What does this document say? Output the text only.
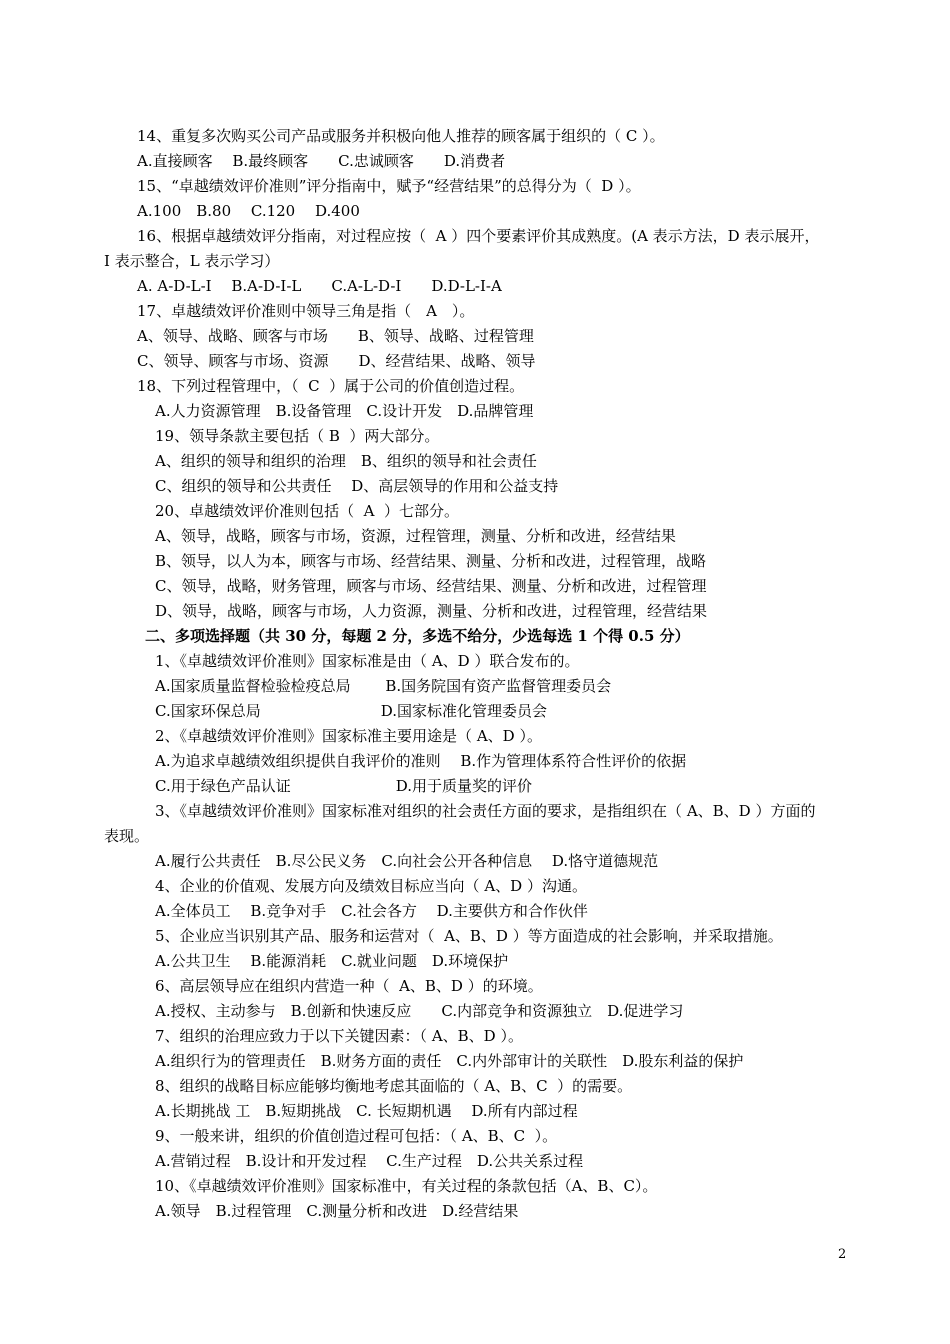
14、重复多次购买公司产品或服务并积极向他人推荐的顾客属于组织的（ C ）。
A.直接顾客　 B.最终顾客　　C.忠诚顾客　　D.消费者
15、“卓越绩效评价准则”评分指南中，赋予“经营结果”的总得分为（  D ）。
A.100　B.80　 C.120　 D.400
16、根据卓越绩效评分指南，对过程应按（  A ）四个要素评价其成熟度。(A 表示方法，D 表示展开，
I 表示整合，L 表示学习）
A. A-D-L-I　 B.A-D-I-L　　C.A-L-D-I　　D.D-L-I-A
17、卓越绩效评价准则中领导三角是指（　A　）。
A、领导、战略、顾客与市场　　B、领导、战略、过程管理
C、领导、顾客与市场、资源　　D、经营结果、战略、领导
18、下列过程管理中，（  C  ）属于公司的价值创造过程。
A.人力资源管理　B.设备管理　C.设计开发　D.品牌管理
19、领导条款主要包括（ B  ）两大部分。
A、组织的领导和组织的治理　B、组织的领导和社会责任
C、组织的领导和公共责任　 D、高层领导的作用和公益支持
20、卓越绩效评价准则包括（  A  ）七部分。
A、领导，战略，顾客与市场，资源，过程管理，测量、分析和改进，经营结果
B、领导，以人为本，顾客与市场、经营结果、测量、分析和改进，过程管理，战略
C、领导，战略，财务管理，顾客与市场、经营结果、测量、分析和改进，过程管理
D、领导，战略，顾客与市场，人力资源，测量、分析和改进，过程管理，经营结果
二、多项选择题（共 30 分，每题 2 分，多选不给分，少选每选 1 个得 0.5 分）
1、《卓越绩效评价准则》国家标准是由（ A、D ）联合发布的。
A.国家质量监督检验检疫总局　　 B.国务院国有资产监督管理委员会
C.国家环保总局　　　　　　　　D.国家标准化管理委员会
2、《卓越绩效评价准则》国家标准主要用途是（ A、D ）。
A.为追求卓越绩效组织提供自我评价的准则　 B.作为管理体系符合性评价的依据
C.用于绿色产品认证　　　　　　　D.用于质量奖的评价
3、《卓越绩效评价准则》国家标准对组织的社会责任方面的要求，是指组织在（ A、B、D ）方面的
表现。
A.履行公共责任　B.尽公民义务　C.向社会公开各种信息　 D.恪守道德规范
4、企业的价值观、发展方向及绩效目标应当向（ A、D ）沟通。
A.全体员工　 B.竞争对手　C.社会各方　 D.主要供方和合作伙伴
5、企业应当识别其产品、服务和运营对（  A、B、D ）等方面造成的社会影响，并采取措施。
A.公共卫生　 B.能源消耗　C.就业问题　D.环境保护
6、高层领导应在组织内营造一种（  A、B、D ）的环境。
A.授权、主动参与　B.创新和快速反应　　C.内部竞争和资源独立　D.促进学习
7、组织的治理应致力于以下关键因素：（ A、B、D ）。
A.组织行为的管理责任　B.财务方面的责任　C.内外部审计的关联性　D.股东利益的保护
8、组织的战略目标应能够均衡地考虑其面临的（ A、B、C  ）的需要。
A.长期挑战 工　B.短期挑战　C. 长短期机遇　 D.所有内部过程
9、一般来讲，组织的价值创造过程可包括：（ A、B、C  ）。
A.营销过程　B.设计和开发过程　 C.生产过程　D.公共关系过程
10、《卓越绩效评价准则》国家标准中，有关过程的条款包括（A、B、C）。
A.领导　B.过程管理　C.测量分析和改进　D.经营结果
2
